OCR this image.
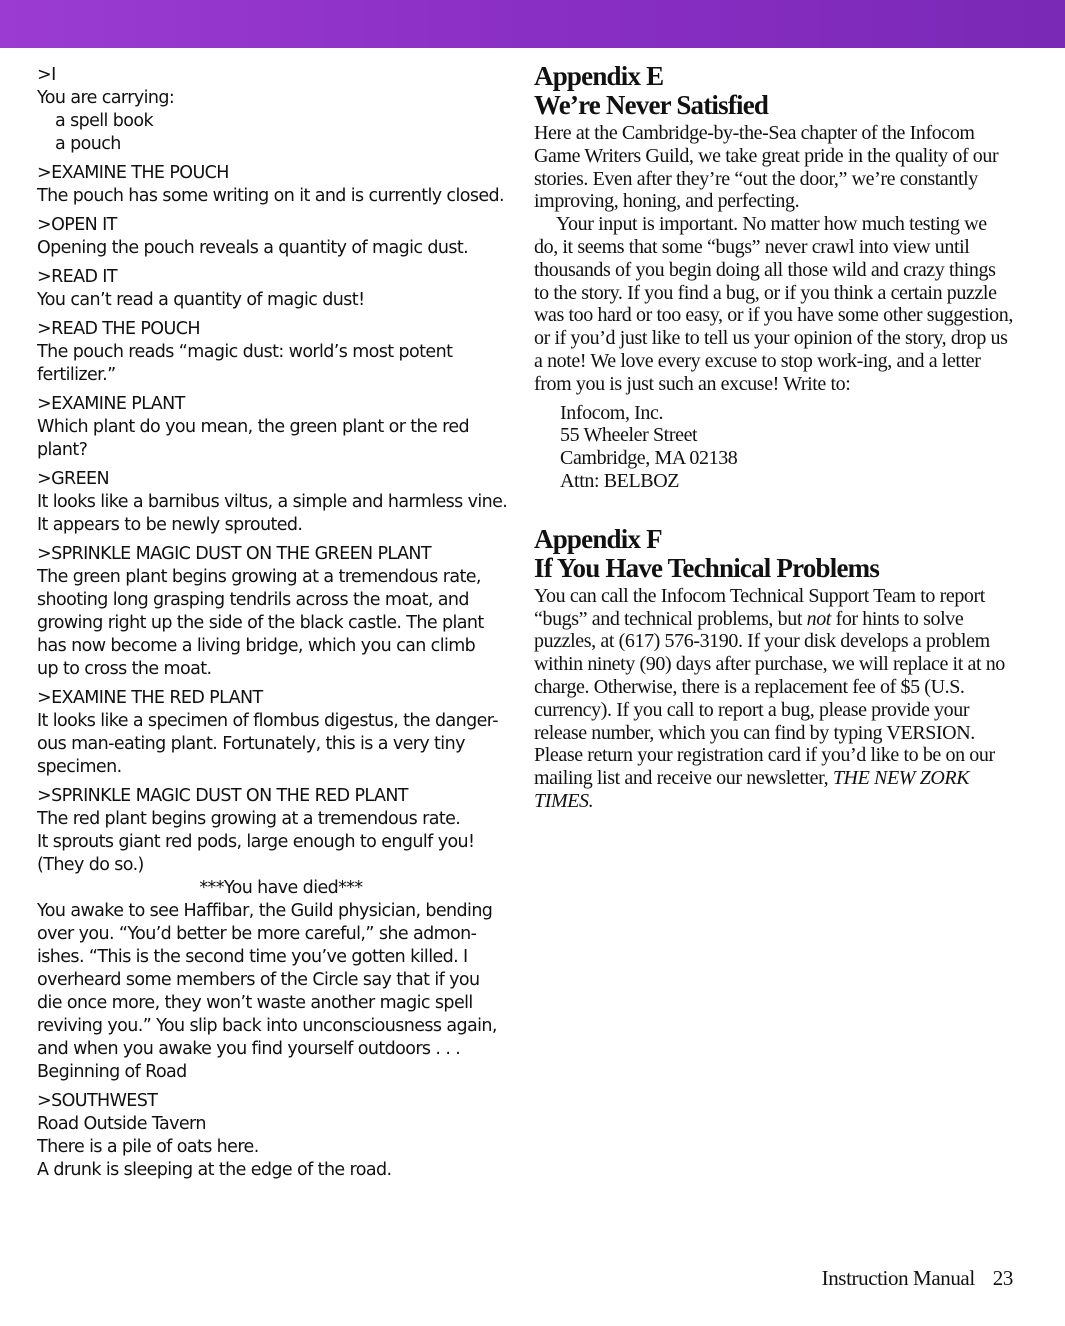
>I
You are carrying:
a spell book
a pouch
>EXAMINE THE POUCH
The pouch has some writing on it and is currently closed.
>OPEN IT
Opening the pouch reveals a quantity of magic dust.
>READ IT
You can’t read a quantity of magic dust!
>READ THE POUCH
The pouch reads “magic dust: world’s most potent
fertilizer.”
>EXAMINE PLANT
Which plant do you mean, the green plant or the red
plant?
>GREEN
It looks like a barnibus viltus, a simple and harmless vine.
It appears to be newly sprouted.
>SPRINKLE MAGIC DUST ON THE GREEN PLANT
The green plant begins growing at a tremendous rate,
shooting long grasping tendrils across the moat, and
growing right up the side of the black castle. The plant
has now become a living bridge, which you can climb
up to cross the moat.
>EXAMINE THE RED PLANT
It looks like a specimen of flombus digestus, the danger-
ous man-eating plant. Fortunately, this is a very tiny
specimen.
>SPRINKLE MAGIC DUST ON THE RED PLANT
The red plant begins growing at a tremendous rate.
It sprouts giant red pods, large enough to engulf you!
(They do so.)
***You have died***
You awake to see Haffibar, the Guild physician, bending
over you. “You’d better be more careful,” she admon-
ishes. “This is the second time you’ve gotten killed. I
overheard some members of the Circle say that if you
die once more, they won’t waste another magic spell
reviving you.” You slip back into unconsciousness again,
and when you awake you find yourself outdoors . . .
Beginning of Road
>SOUTHWEST
Road Outside Tavern
There is a pile of oats here.
A drunk is sleeping at the edge of the road.
Appendix E
We’re Never Satisfied

Here at the Cambridge-by-the-Sea chapter of the Infocom Game Writers Guild, we take great pride in the quality of our stories. Even after they’re “out the door,” we’re constantly improving, honing, and perfecting.

Your input is important. No matter how much testing we do, it seems that some “bugs” never crawl into view until thousands of you begin doing all those wild and crazy things to the story. If you find a bug, or if you think a certain puzzle was too hard or too easy, or if you have some other suggestion, or if you’d just like to tell us your opinion of the story, drop us a note! We love every excuse to stop work-ing, and a letter from you is just such an excuse! Write to:

Infocom, Inc.
55 Wheeler Street
Cambridge, MA 02138
Attn: BELBOZ
Appendix F
If You Have Technical Problems

You can call the Infocom Technical Support Team to report “bugs” and technical problems, but not for hints to solve puzzles, at (617) 576-3190. If your disk develops a problem within ninety (90) days after purchase, we will replace it at no charge. Otherwise, there is a replacement fee of $5 (U.S. currency). If you call to report a bug, please provide your release number, which you can find by typing VERSION. Please return your registration card if you’d like to be on our mailing list and receive our newsletter, THE NEW ZORK TIMES.

Instruction Manual 23
